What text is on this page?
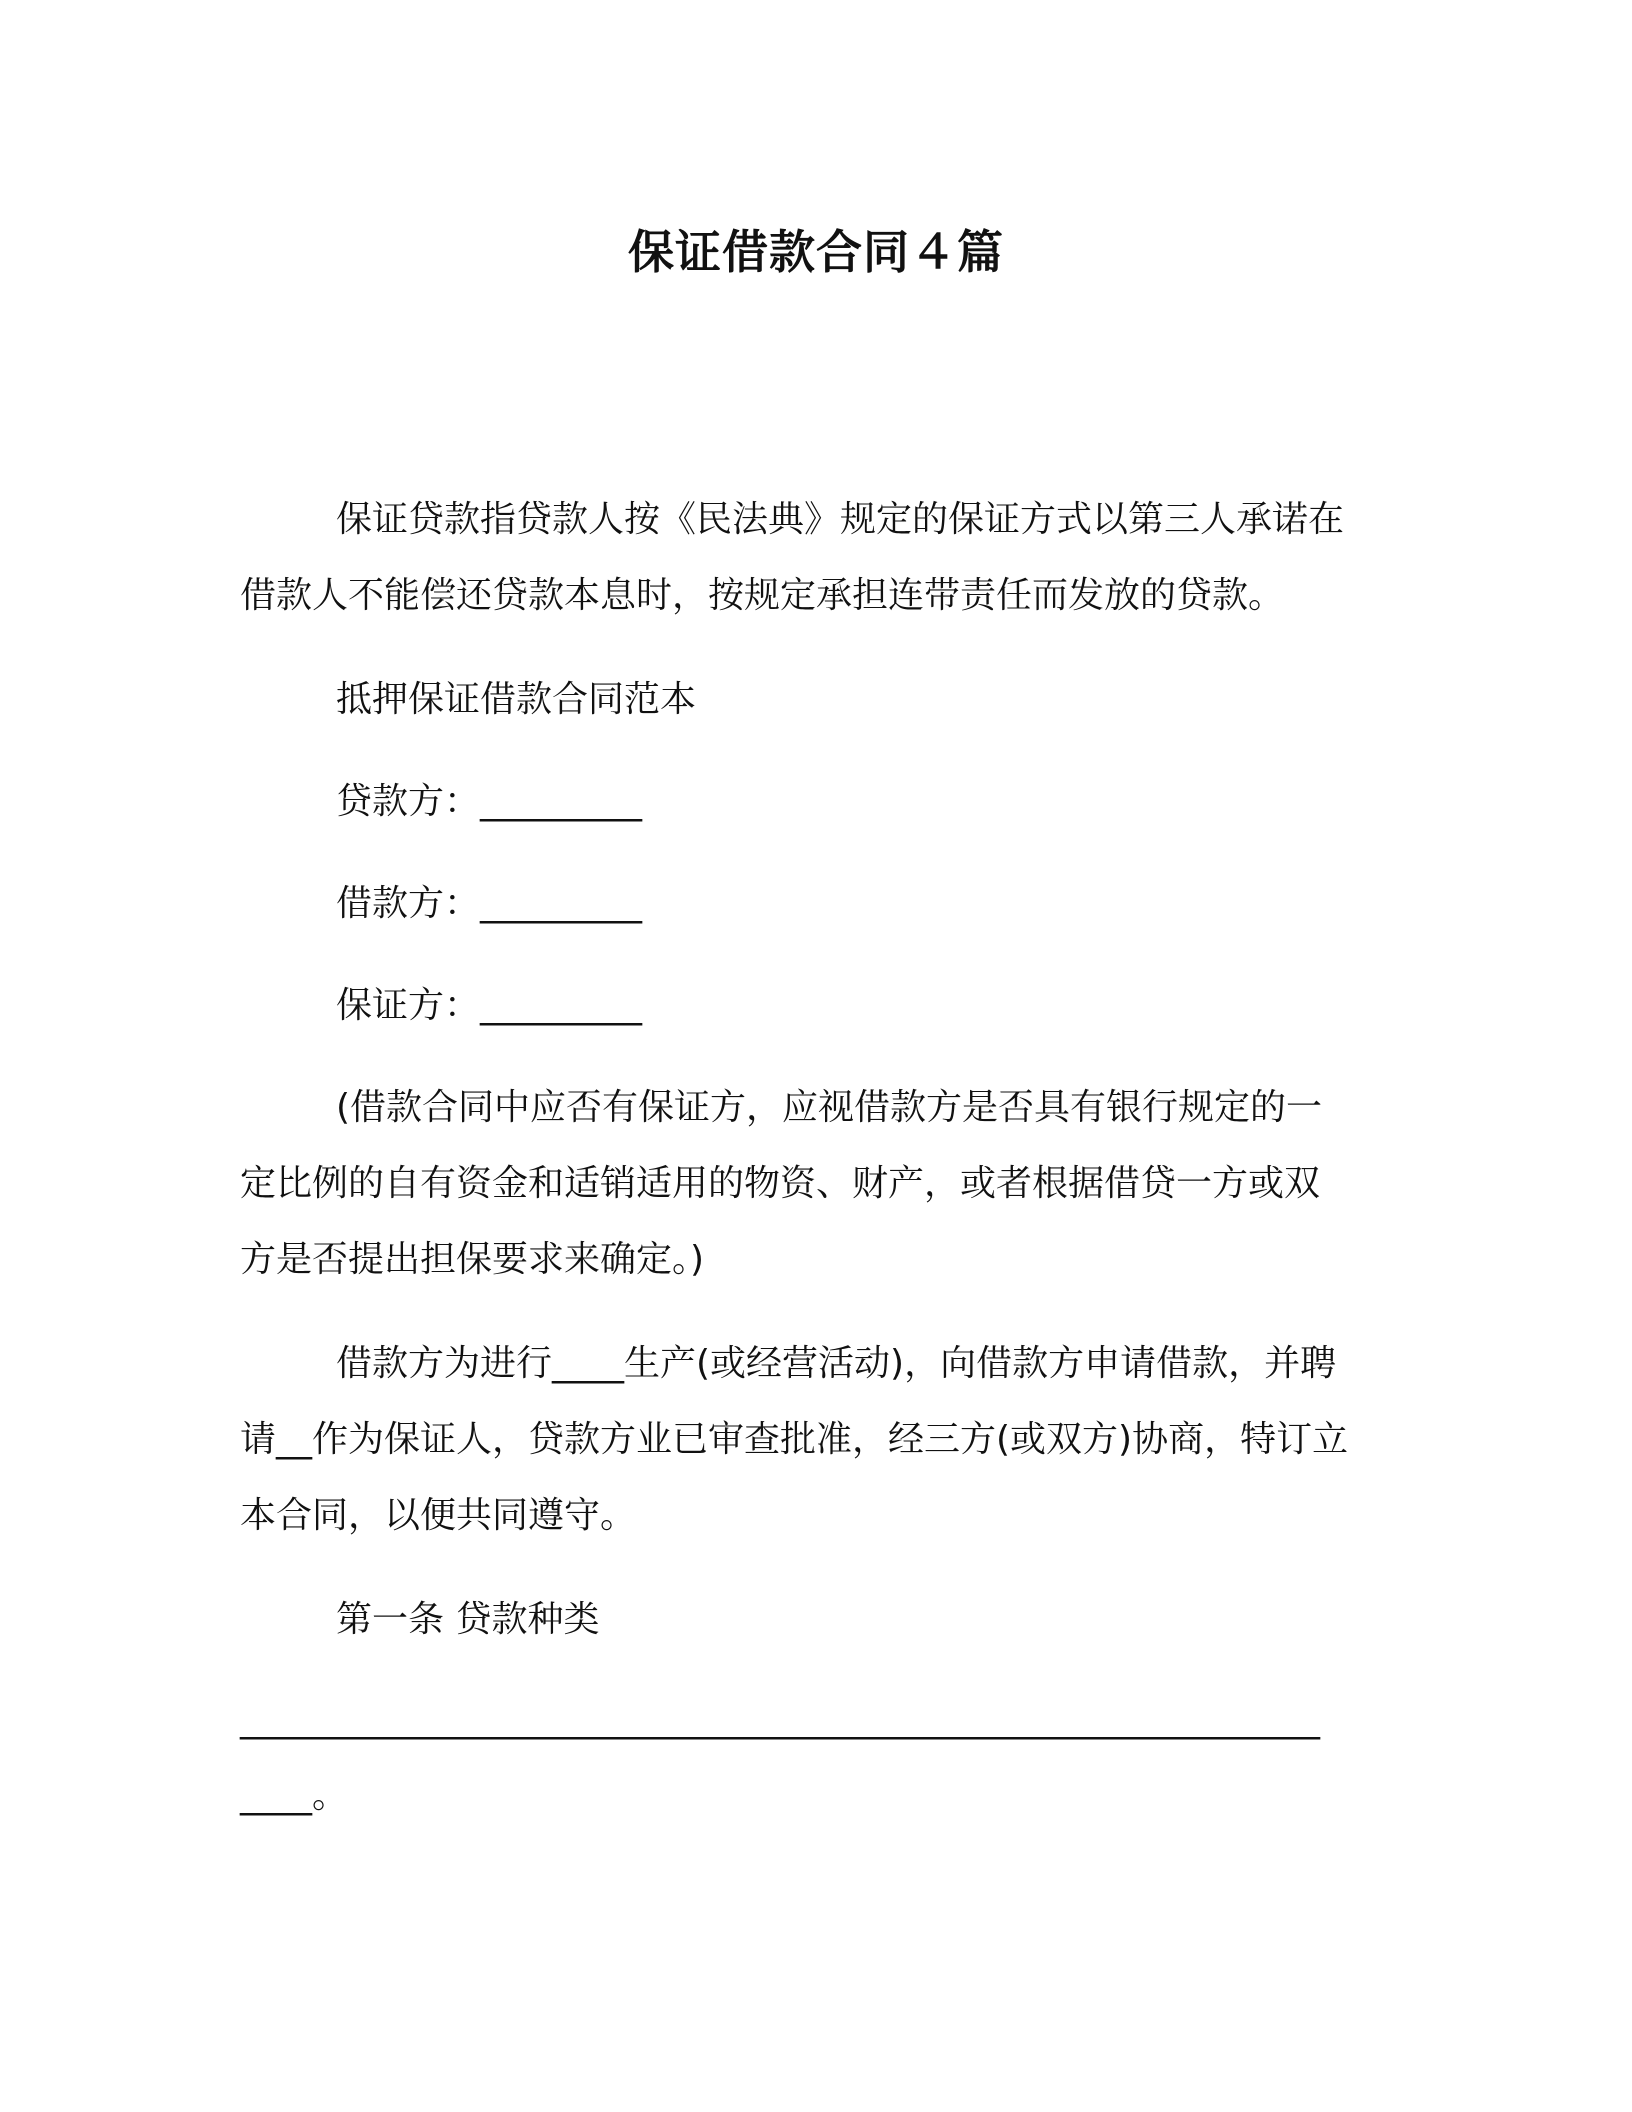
保证借款合同４篇
保证贷款指贷款人按《民法典》规定的保证方式以第三人承诺在
借款人不能偿还贷款本息时，按规定承担连带责任而发放的贷款。
抵押保证借款合同范本
贷款方：_________
借款方：_________
保证方：_________
(借款合同中应否有保证方，应视借款方是否具有银行规定的一
定比例的自有资金和适销适用的物资、财产，或者根据借贷一方或双
方是否提出担保要求来确定。)
借款方为进行____生产(或经营活动)，向借款方申请借款，并聘
请__作为保证人，贷款方业已审查批准，经三方(或双方)协商，特订立
本合同，以便共同遵守。
第一条 贷款种类
____________________________________________________________
____。
